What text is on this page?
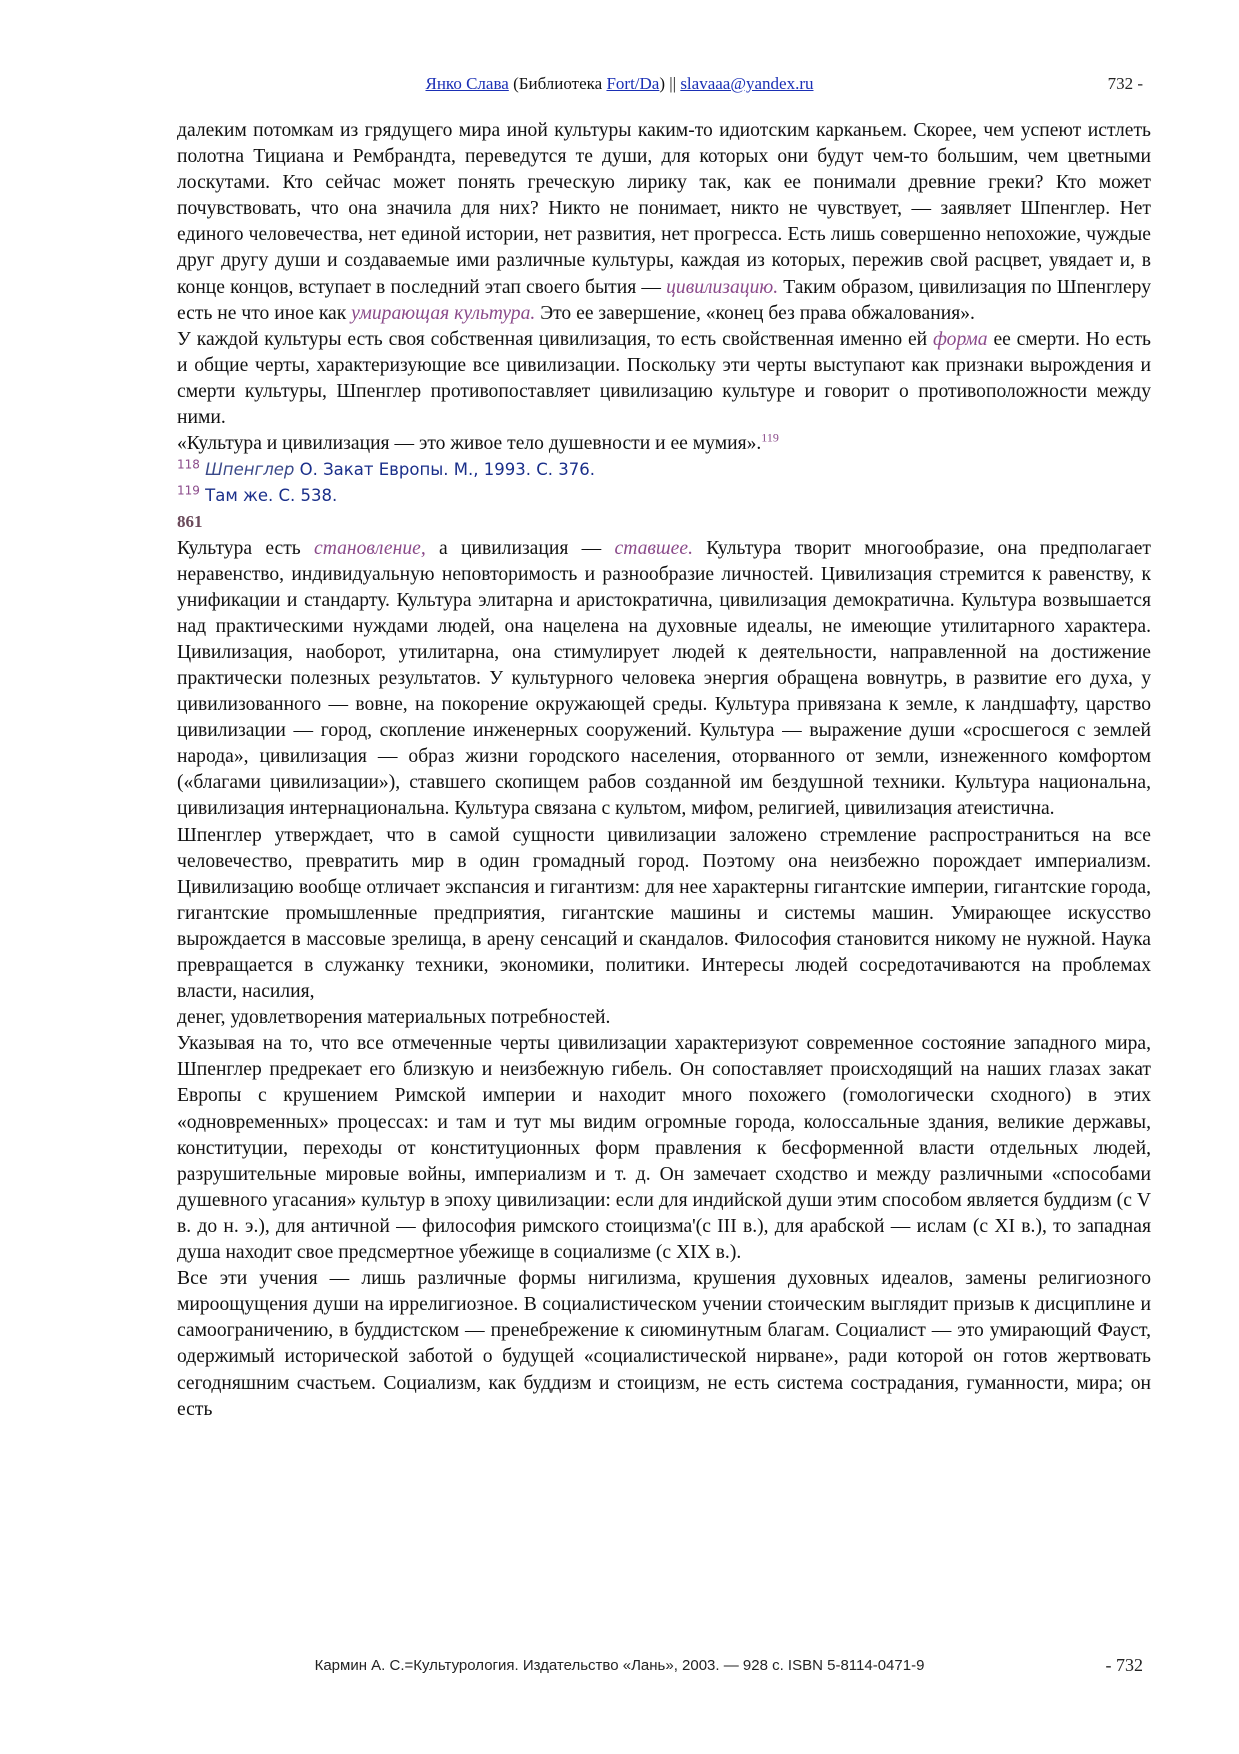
Янко Слава (Библиотека Fort/Da) || slavaaa@yandex.ru	732 -

далеким потомкам из грядущего мира иной культуры каким-то идиотским карканьем. Скорее, чем успеют истлеть полотна Тициана и Рембрандта, переведутся те души, для которых они будут чем-то большим, чем цветными лоскутами. Кто сейчас может понять греческую лирику так, как ее понимали древние греки? Кто может почувствовать, что она значила для них? Никто не понимает, никто не чувствует, — заявляет Шпенглер. Нет единого человечества, нет единой истории, нет развития, нет прогресса. Есть лишь совершенно непохожие, чуждые друг другу души и создаваемые ими различные культуры, каждая из которых, пережив свой расцвет, увядает и, в конце концов, вступает в последний этап своего бытия — цивилизацию. Таким образом, цивилизация по Шпенглеру есть не что иное как умирающая культура. Это ее завершение, «конец без права обжалования».

У каждой культуры есть своя собственная цивилизация, то есть свойственная именно ей форма ее смерти. Но есть и общие черты, характеризующие все цивилизации. Поскольку эти черты выступают как признаки вырождения и смерти культуры, Шпенглер противопоставляет цивилизацию культуре и говорит о противоположности между ними.

«Культура и цивилизация — это живое тело душевности и ее мумия».$^{119}$

$^{118}$ Шпенглер О. Закат Европы. М., 1993. С. 376.
$^{119}$ Там же. С. 538.
861

Культура есть становление, а цивилизация — ставшее. Культура творит многообразие, она предполагает неравенство, индивидуальную неповторимость и разнообразие личностей. Цивилизация стремится к равенству, к унификации и стандарту. Культура элитарна и аристократична, цивилизация демократична. Культура возвышается над практическими нуждами людей, она нацелена на духовные идеалы, не имеющие утилитарного характера. Цивилизация, наоборот, утилитарна, она стимулирует людей к деятельности, направленной на достижение практически полезных результатов. У культурного человека энергия обращена вовнутрь, в развитие его духа, у цивилизованного — вовне, на покорение окружающей среды. Культура привязана к земле, к ландшафту, царство цивилизации — город, скопление инженерных сооружений. Культура — выражение души «сросшегося с землей народа», цивилизация — образ жизни городского населения, оторванного от земли, изнеженного комфортом («благами цивилизации»), ставшего скопищем рабов созданной им бездушной техники. Культура национальна, цивилизация интернациональна. Культура связана с культом, мифом, религией, цивилизация атеистична.

Шпенглер утверждает, что в самой сущности цивилизации заложено стремление распространиться на все человечество, превратить мир в один громадный город. Поэтому она неизбежно порождает империализм. Цивилизацию вообще отличает экспансия и гигантизм: для нее характерны гигантские империи, гигантские города, гигантские промышленные предприятия, гигантские машины и системы машин. Умирающее искусство вырождается в массовые зрелища, в арену сенсаций и скандалов. Философия становится никому не нужной. Наука превращается в служанку техники, экономики, политики. Интересы людей сосредотачиваются на проблемах власти, насилия,

денег, удовлетворения материальных потребностей.

Указывая на то, что все отмеченные черты цивилизации характеризуют современное состояние западного мира, Шпенглер предрекает его близкую и неизбежную гибель. Он сопоставляет происходящий на наших глазах закат Европы с крушением Римской империи и находит много похожего (гомологически сходного) в этих «одновременных» процессах: и там и тут мы видим огромные города, колоссальные здания, великие державы, конституции, переходы от конституционных форм правления к бесформенной власти отдельных людей, разрушительные мировые войны, империализм и т. д. Он замечает сходство и между различными «способами душевного угасания» культур в эпоху цивилизации: если для индийской души этим способом является буддизм (с V в. до н. э.), для античной — философия римского стоицизма'(с III в.), для арабской — ислам (с XI в.), то западная душа находит свое предсмертное убежище в социализме (с XIX в.).

Все эти учения — лишь различные формы нигилизма, крушения духовных идеалов, замены религиозного мироощущения души на иррелигиозное. В социалистическом учении стоическим выглядит призыв к дисциплине и самоограничению, в буддистском — пренебрежение к сиюминутным благам. Социалист — это умирающий Фауст, одержимый исторической заботой о будущей «социалистической нирване», ради которой он готов жертвовать сегодняшним счастьем. Социализм, как буддизм и стоицизм, не есть система сострадания, гуманности, мира; он есть

Кармин А. С.=Культурология. Издательство «Лань», 2003. — 928 с. ISBN 5-8114-0471-9	- 732
